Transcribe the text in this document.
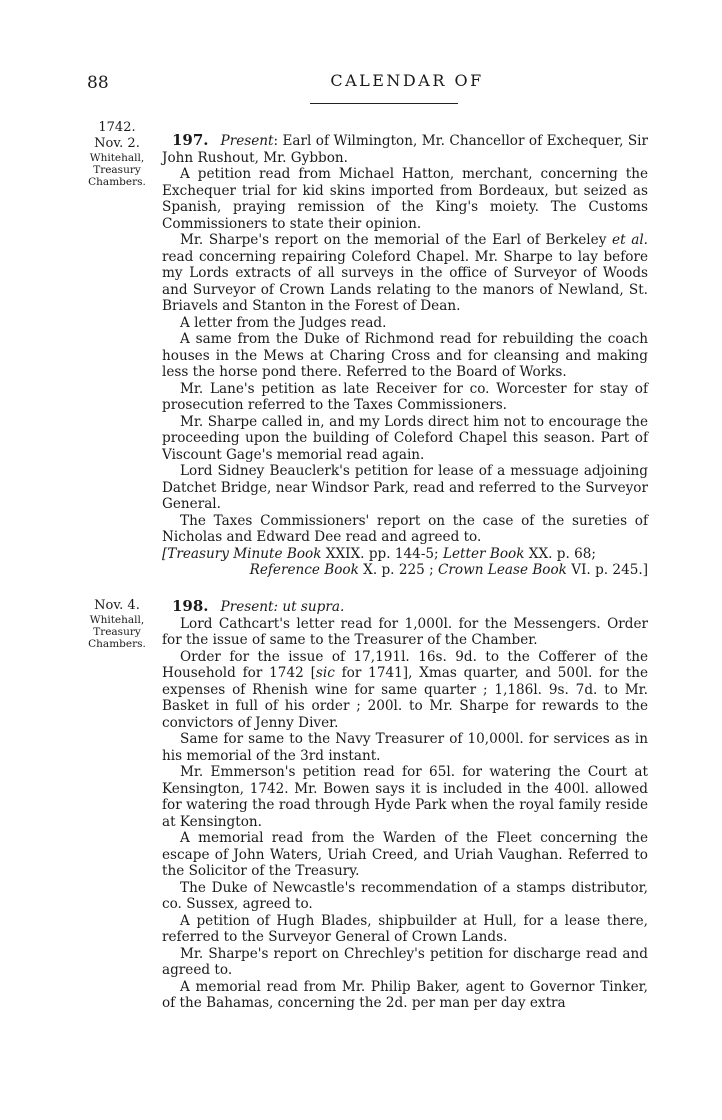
88	CALENDAR OF
1742.
Nov. 2.
Whitehall,
Treasury
Chambers.
Nov. 4.
Whitehall,
Treasury
Chambers.

197. Present: Earl of Wilmington, Mr. Chancellor of Exchequer, Sir John Rushout, Mr. Gybbon.

A petition read from Michael Hatton, merchant, concerning the Exchequer trial for kid skins imported from Bordeaux, but seized as Spanish, praying remission of the King's moiety. The Customs Commissioners to state their opinion.

Mr. Sharpe's report on the memorial of the Earl of Berkeley et al. read concerning repairing Coleford Chapel. Mr. Sharpe to lay before my Lords extracts of all surveys in the office of Surveyor of Woods and Surveyor of Crown Lands relating to the manors of Newland, St. Briavels and Stanton in the Forest of Dean.

A letter from the Judges read.

A same from the Duke of Richmond read for rebuilding the coach houses in the Mews at Charing Cross and for cleansing and making less the horse pond there. Referred to the Board of Works.

Mr. Lane's petition as late Receiver for co. Worcester for stay of prosecution referred to the Taxes Commissioners.

Mr. Sharpe called in, and my Lords direct him not to encourage the proceeding upon the building of Coleford Chapel this season. Part of Viscount Gage's memorial read again.

Lord Sidney Beauclerk's petition for lease of a messuage adjoining Datchet Bridge, near Windsor Park, read and referred to the Surveyor General.

The Taxes Commissioners' report on the case of the sureties of Nicholas and Edward Dee read and agreed to.

[Treasury Minute Book XXIX. pp. 144-5; Letter Book XX. p. 68;
Reference Book X. p. 225 ; Crown Lease Book VI. p. 245.]

198. Present: ut supra.

Lord Cathcart's letter read for 1,000l. for the Messengers. Order for the issue of same to the Treasurer of the Chamber.

Order for the issue of 17,191l. 16s. 9d. to the Cofferer of the Household for 1742 [sic for 1741], Xmas quarter, and 500l. for the expenses of Rhenish wine for same quarter ; 1,186l. 9s. 7d. to Mr. Basket in full of his order ; 200l. to Mr. Sharpe for rewards to the convictors of Jenny Diver.

Same for same to the Navy Treasurer of 10,000l. for services as in his memorial of the 3rd instant.

Mr. Emmerson's petition read for 65l. for watering the Court at Kensington, 1742. Mr. Bowen says it is included in the 400l. allowed for watering the road through Hyde Park when the royal family reside at Kensington.

A memorial read from the Warden of the Fleet concerning the escape of John Waters, Uriah Creed, and Uriah Vaughan. Referred to the Solicitor of the Treasury.

The Duke of Newcastle's recommendation of a stamps distributor, co. Sussex, agreed to.

A petition of Hugh Blades, shipbuilder at Hull, for a lease there, referred to the Surveyor General of Crown Lands.

Mr. Sharpe's report on Chrechley's petition for discharge read and agreed to.

A memorial read from Mr. Philip Baker, agent to Governor Tinker, of the Bahamas, concerning the 2d. per man per day extra
